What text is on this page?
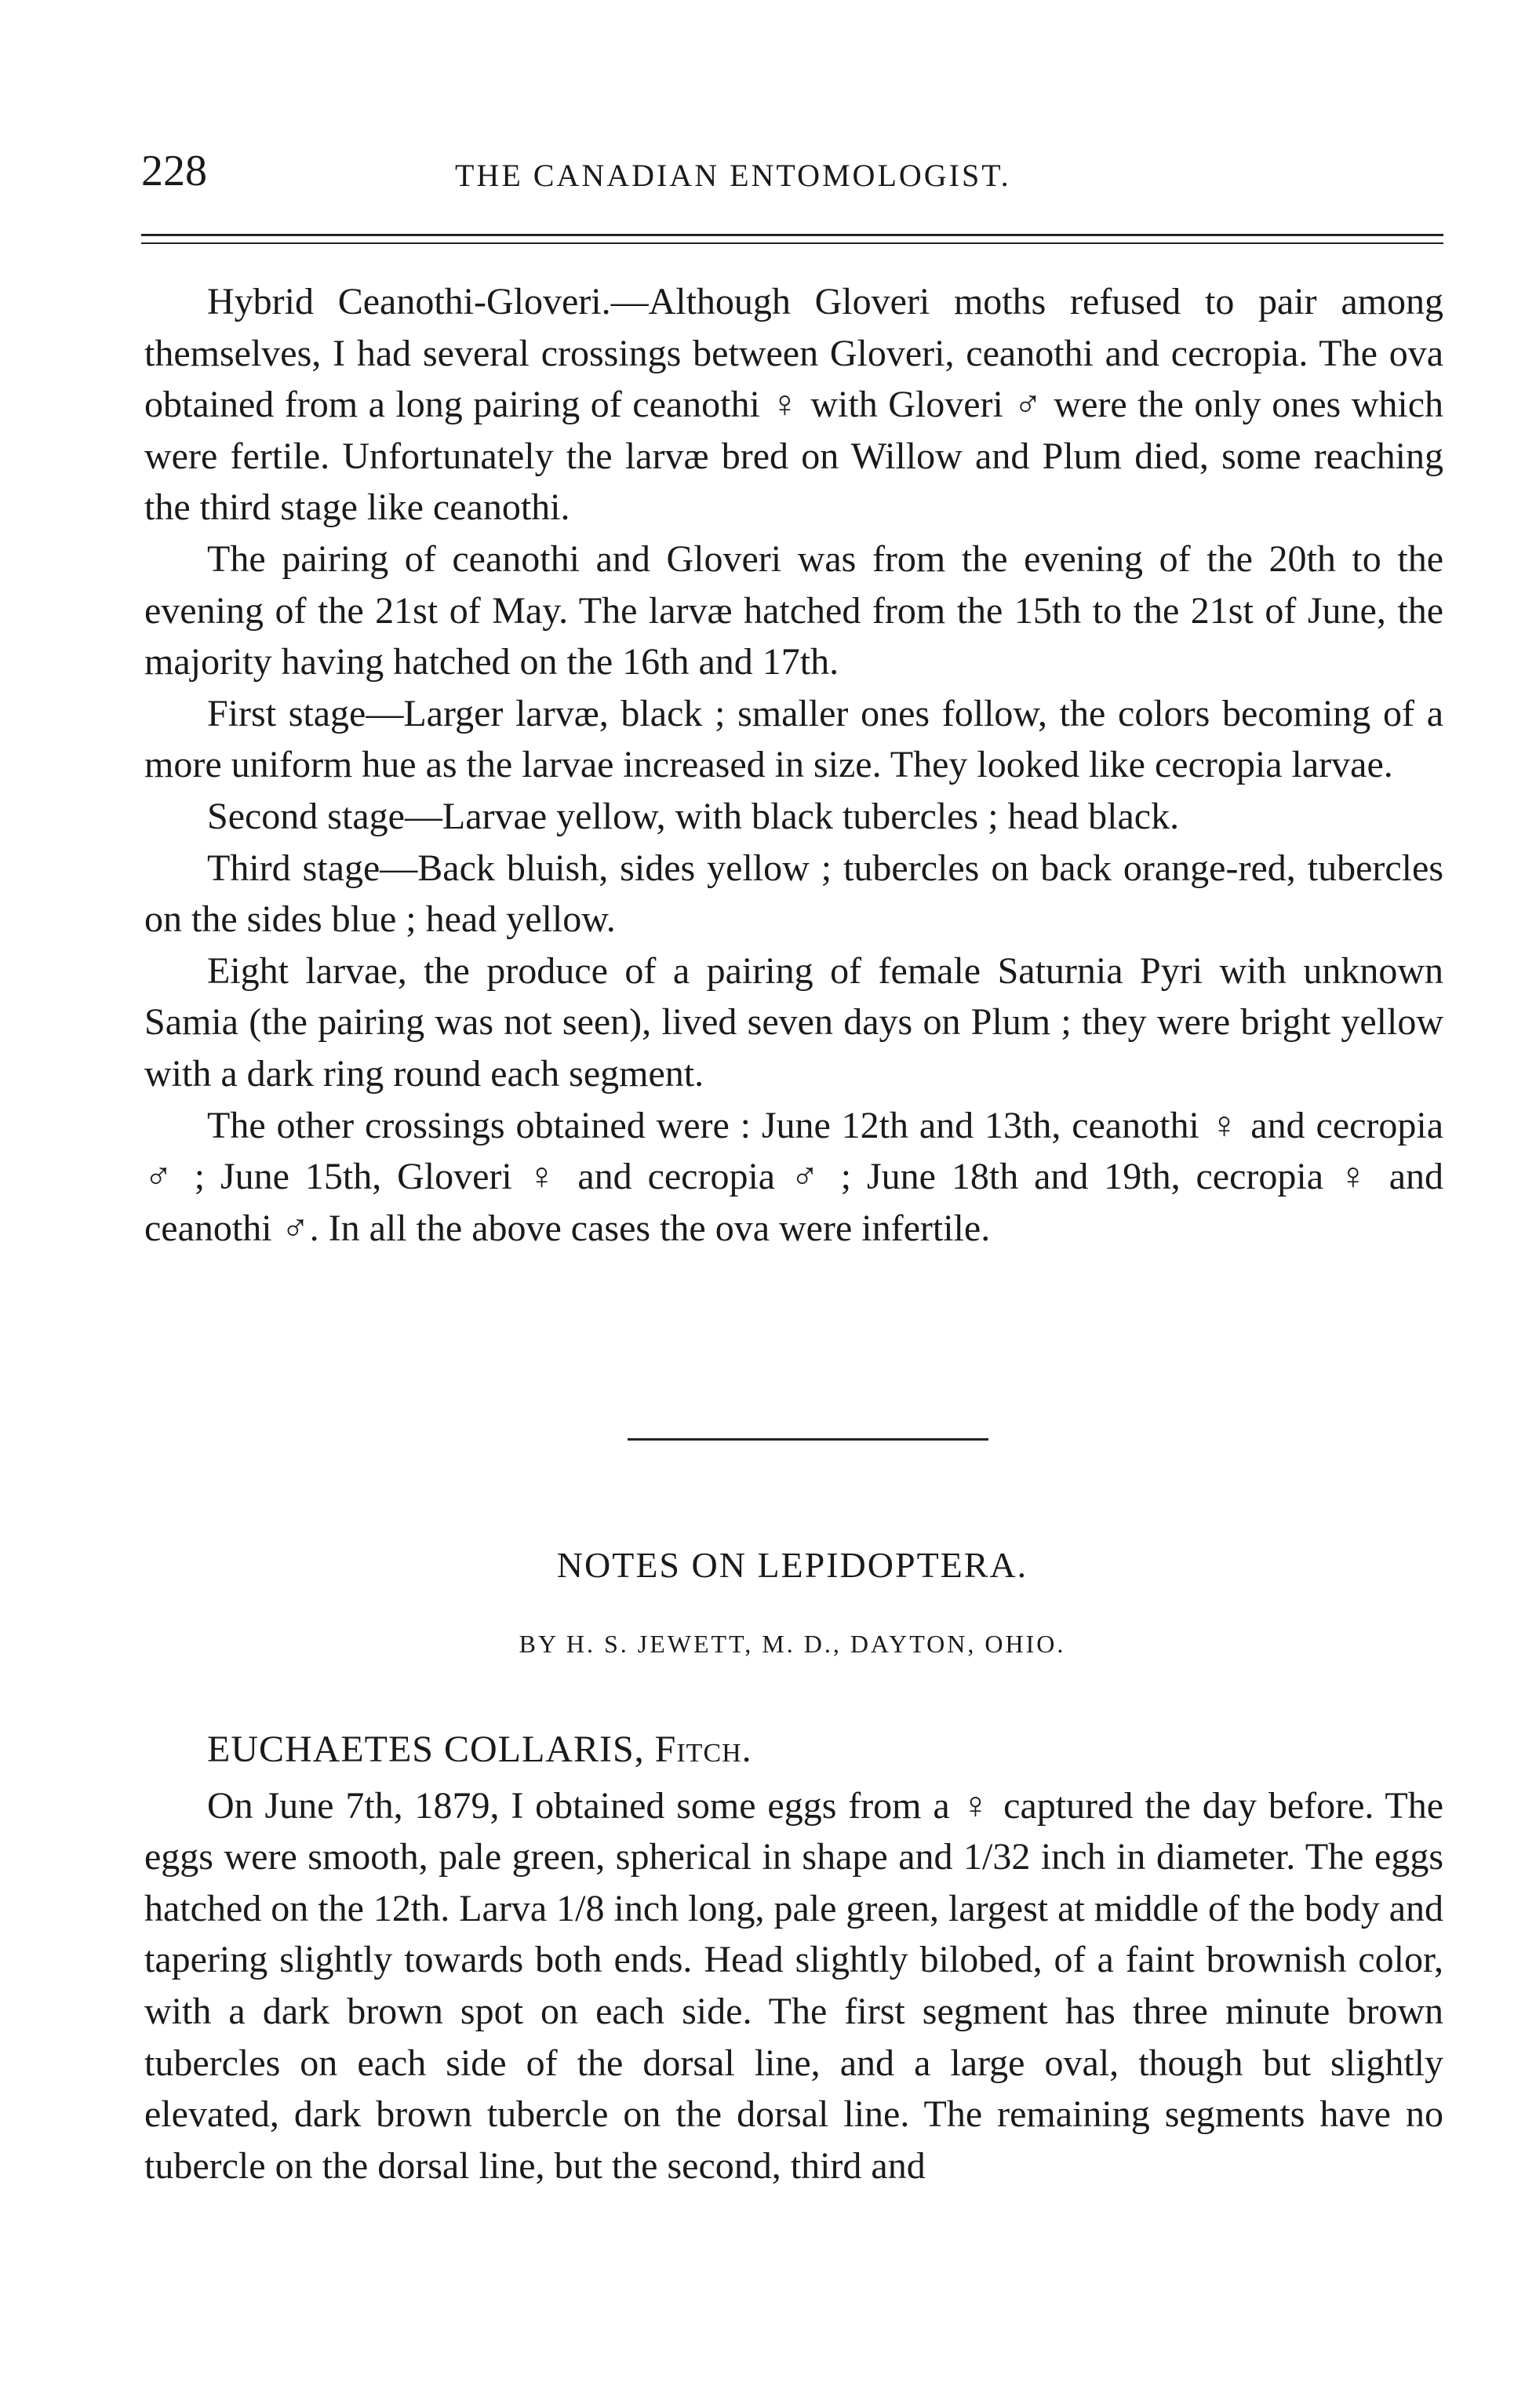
228	THE CANADIAN ENTOMOLOGIST.

Hybrid Ceanothi-Gloveri.—Although Gloveri moths refused to pair among themselves, I had several crossings between Gloveri, ceanothi and cecropia. The ova obtained from a long pairing of ceanothi ♀ with Gloveri ♂ were the only ones which were fertile. Unfortunately the larvæ bred on Willow and Plum died, some reaching the third stage like ceanothi.

The pairing of ceanothi and Gloveri was from the evening of the 20th to the evening of the 21st of May. The larvæ hatched from the 15th to the 21st of June, the majority having hatched on the 16th and 17th.

First stage—Larger larvæ, black ; smaller ones follow, the colors becoming of a more uniform hue as the larvae increased in size. They looked like cecropia larvae.

Second stage—Larvae yellow, with black tubercles ; head black.

Third stage—Back bluish, sides yellow ; tubercles on back orange-red, tubercles on the sides blue ; head yellow.

Eight larvae, the produce of a pairing of female Saturnia Pyri with unknown Samia (the pairing was not seen), lived seven days on Plum ; they were bright yellow with a dark ring round each segment.

The other crossings obtained were : June 12th and 13th, ceanothi ♀ and cecropia ♂ ; June 15th, Gloveri ♀ and cecropia ♂ ; June 18th and 19th, cecropia ♀ and ceanothi ♂. In all the above cases the ova were infertile.

NOTES ON LEPIDOPTERA.
BY H. S. JEWETT, M. D., DAYTON, OHIO.
EUCHAETES COLLARIS, Fitch.

On June 7th, 1879, I obtained some eggs from a ♀ captured the day before. The eggs were smooth, pale green, spherical in shape and 1/32 inch in diameter. The eggs hatched on the 12th. Larva 1/8 inch long, pale green, largest at middle of the body and tapering slightly towards both ends. Head slightly bilobed, of a faint brownish color, with a dark brown spot on each side. The first segment has three minute brown tubercles on each side of the dorsal line, and a large oval, though but slightly elevated, dark brown tubercle on the dorsal line. The remaining segments have no tubercle on the dorsal line, but the second, third and
